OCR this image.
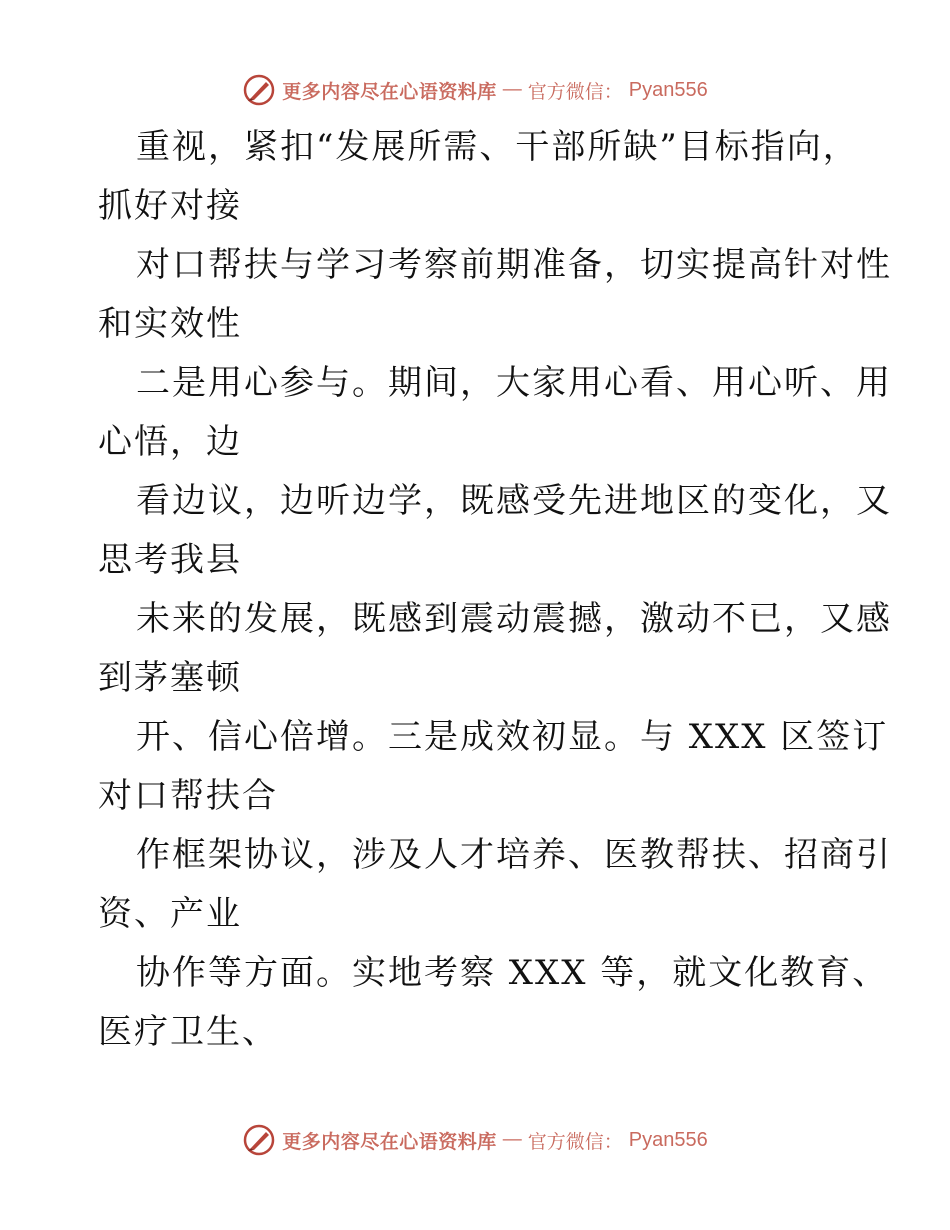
更多内容尽在心语资料库 — 官方微信： Pyan556
重视，紧扣“发展所需、干部所缺”目标指向，
抓好对接
对口帮扶与学习考察前期准备，切实提高针对性
和实效性
二是用心参与。期间，大家用心看、用心听、用
心悟，边
看边议，边听边学，既感受先进地区的变化，又
思考我县
未来的发展，既感到震动震撼，激动不已，又感
到茅塞顿
开、信心倍增。三是成效初显。与 XXX 区签订
对口帮扶合
作框架协议，涉及人才培养、医教帮扶、招商引
资、产业
协作等方面。实地考察 XXX 等，就文化教育、
医疗卫生、
更多内容尽在心语资料库 — 官方微信： Pyan556
